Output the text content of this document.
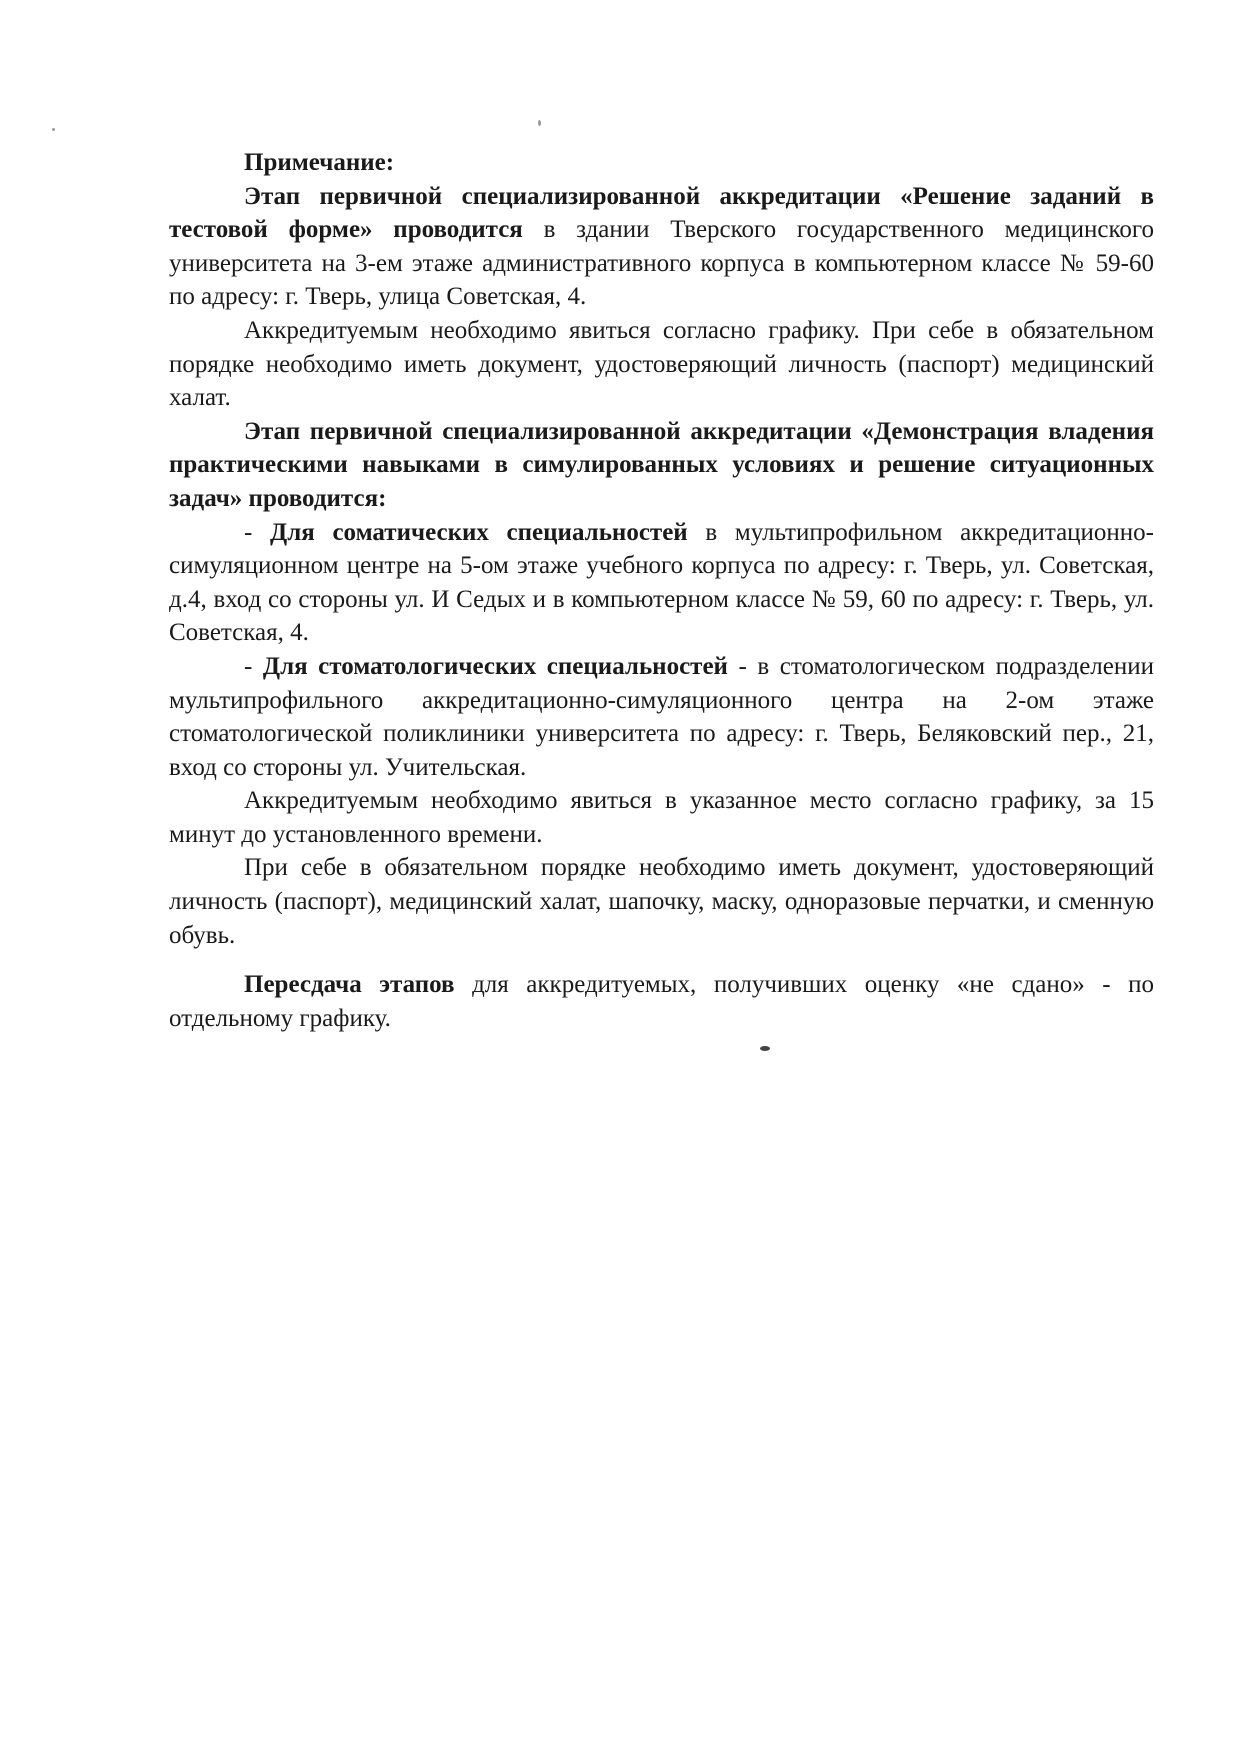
Примечание:

Этап первичной специализированной аккредитации «Решение заданий в тестовой форме» проводится в здании Тверского государственного медицинского университета на 3-ем этаже административного корпуса в компьютерном классе № 59-60 по адресу: г. Тверь, улица Советская, 4.

Аккредитуемым необходимо явиться согласно графику. При себе в обязательном порядке необходимо иметь документ, удостоверяющий личность (паспорт) медицинский халат.

Этап первичной специализированной аккредитации «Демонстрация владения практическими навыками в симулированных условиях и решение ситуационных задач» проводится:

- Для соматических специальностей в мультипрофильном аккредитационно-симуляционном центре на 5-ом этаже учебного корпуса по адресу: г. Тверь, ул. Советская, д.4, вход со стороны ул. И Седых и в компьютерном классе № 59, 60 по адресу: г. Тверь, ул. Советская, 4.

- Для стоматологических специальностей - в стоматологическом подразделении мультипрофильного аккредитационно-симуляционного центра на 2-ом этаже стоматологической поликлиники университета по адресу: г. Тверь, Беляковский пер., 21, вход со стороны ул. Учительская.

Аккредитуемым необходимо явиться в указанное место согласно графику, за 15 минут до установленного времени.

При себе в обязательном порядке необходимо иметь документ, удостоверяющий личность (паспорт), медицинский халат, шапочку, маску, одноразовые перчатки, и сменную обувь.

Пересдача этапов для аккредитуемых, получивших оценку «не сдано» - по отдельному графику.
